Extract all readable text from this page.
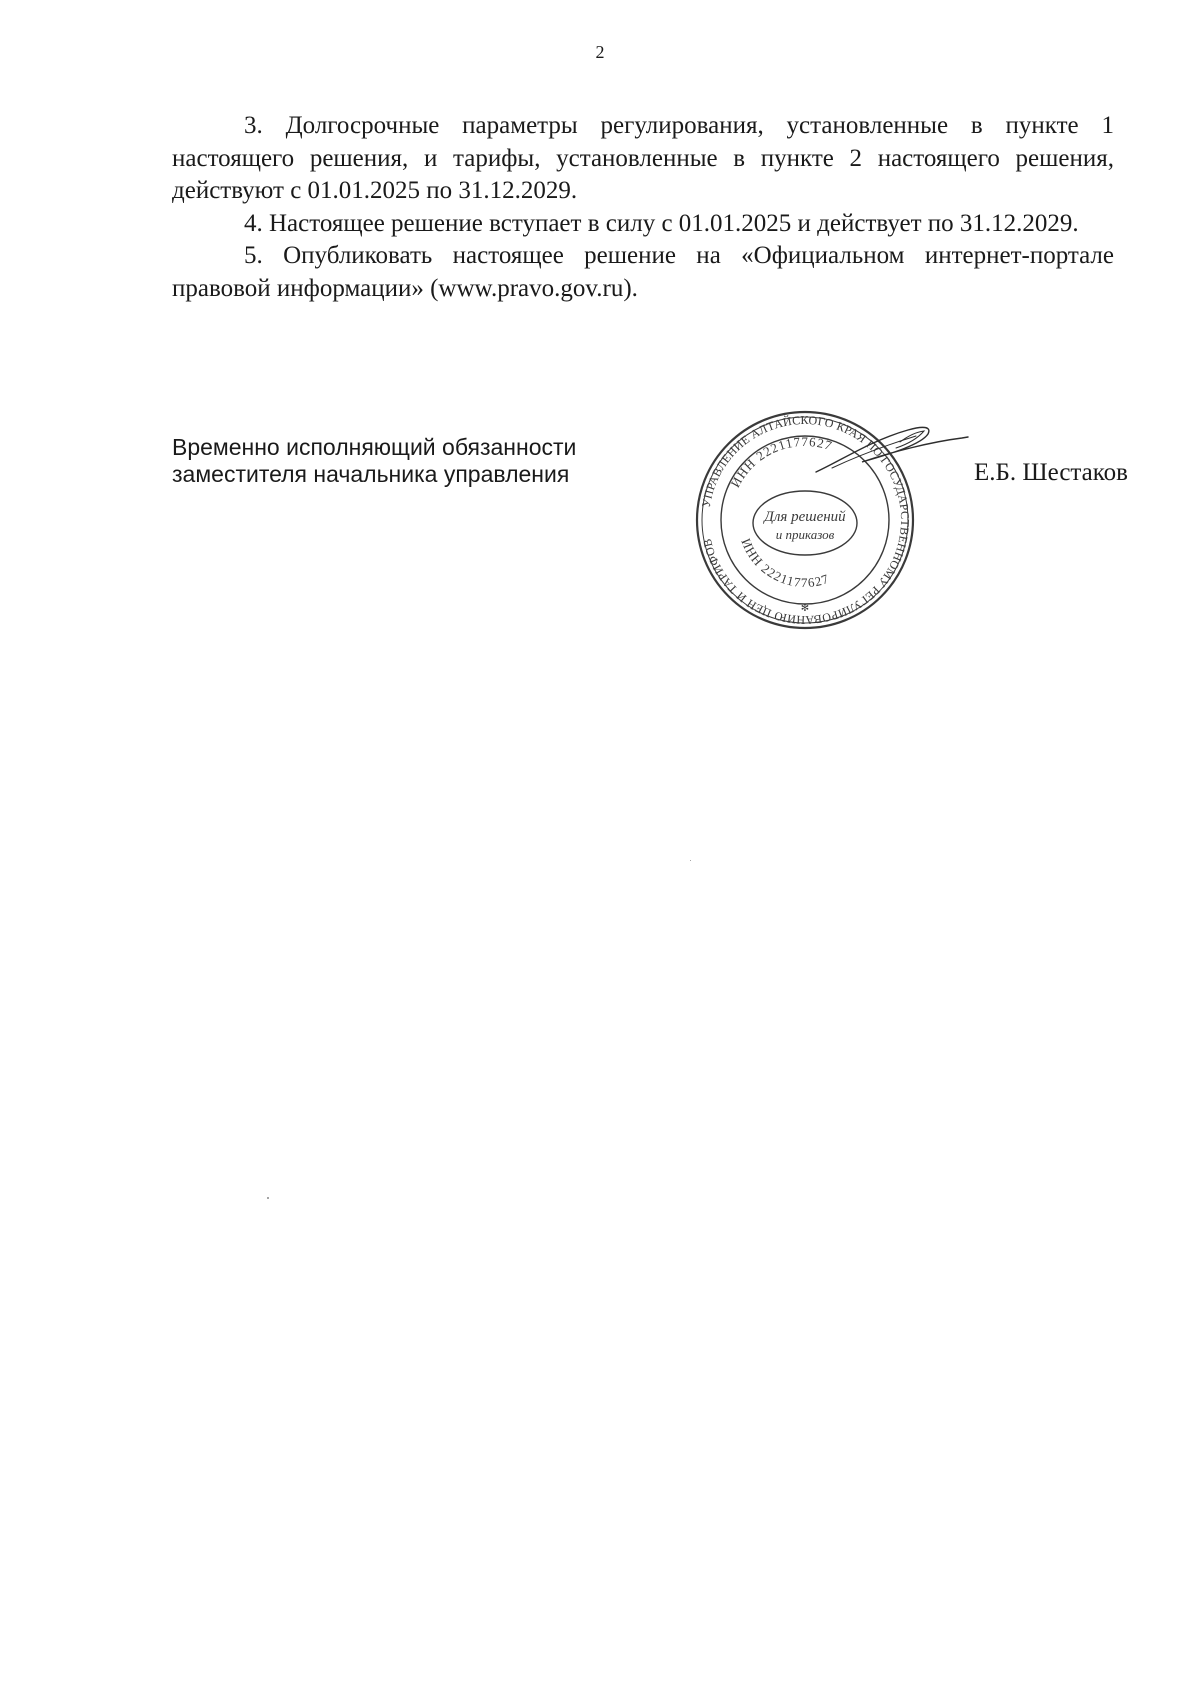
2

3. Долгосрочные параметры регулирования, установленные в пункте 1 настоящего решения, и тарифы, установленные в пункте 2 настоящего решения, действуют с 01.01.2025 по 31.12.2029.

4. Настоящее решение вступает в силу с 01.01.2025 и действует по 31.12.2029.

5. Опубликовать настоящее решение на «Официальном интернет-портале правовой информации» (www.pravo.gov.ru).

Временно исполняющий обязанности
заместителя начальника управления	Е.Б. Шестаков
УПРАВЛЕНИЕ АЛТАЙСКОГО КРАЯ ПО ГОСУДАРСТВЕННОМУ РЕГУЛИРОВАНИЮ ЦЕН И ТАРИФОВ
ИНН 2221177627
ИНН 2221177627
Для решений
и приказов
✻
